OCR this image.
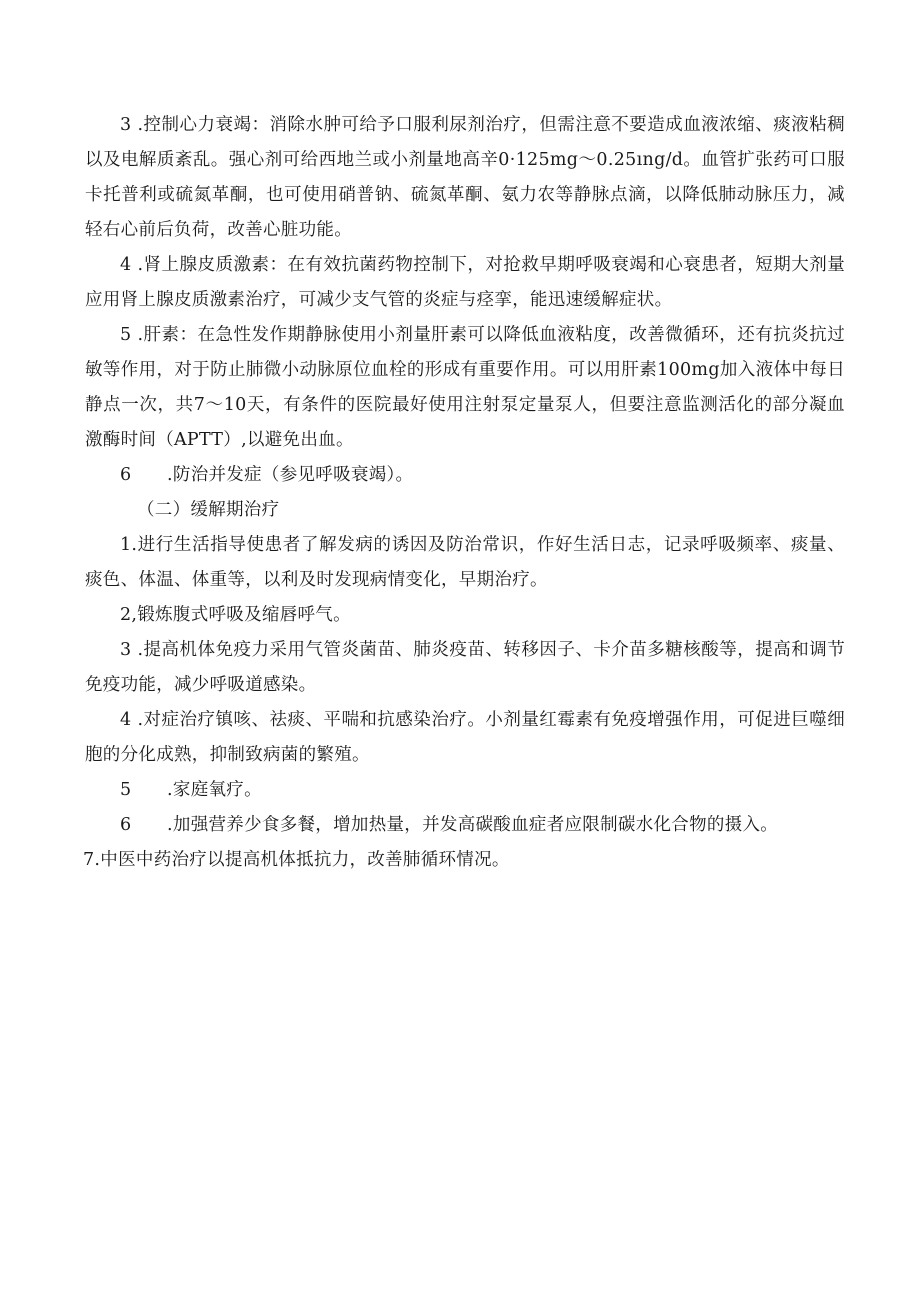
3 .控制心力衰竭：消除水肿可给予口服利尿剂治疗，但需注意不要造成血液浓缩、痰液粘稠以及电解质紊乱。强心剂可给西地兰或小剂量地高辛0·125mg～0.25ıng/d。血管扩张药可口服卡托普利或硫氮革酮，也可使用硝普钠、硫氮革酮、氨力农等静脉点滴，以降低肺动脉压力，减轻右心前后负荷，改善心脏功能。

4 .肾上腺皮质激素：在有效抗菌药物控制下，对抢救早期呼吸衰竭和心衰患者，短期大剂量应用肾上腺皮质激素治疗，可减少支气管的炎症与痉挛，能迅速缓解症状。

5 .肝素：在急性发作期静脉使用小剂量肝素可以降低血液粘度，改善微循环，还有抗炎抗过敏等作用，对于防止肺微小动脉原位血栓的形成有重要作用。可以用肝素100mg加入液体中每日静点一次，共7～10天，有条件的医院最好使用注射泵定量泵人，但要注意监测活化的部分凝血激酶时间（APTT）,以避免出血。

6  .防治并发症（参见呼吸衰竭）。

（二）缓解期治疗

1.进行生活指导使患者了解发病的诱因及防治常识，作好生活日志，记录呼吸频率、痰量、痰色、体温、体重等，以利及时发现病情变化，早期治疗。

2,锻炼腹式呼吸及缩唇呼气。

3 .提高机体免疫力采用气管炎菌苗、肺炎疫苗、转移因子、卡介苗多糖核酸等，提高和调节免疫功能，减少呼吸道感染。

4 .对症治疗镇咳、祛痰、平喘和抗感染治疗。小剂量红霉素有免疫增强作用，可促进巨噬细胞的分化成熟，抑制致病菌的繁殖。

5  .家庭氧疗。

6  .加强营养少食多餐，增加热量，并发高碳酸血症者应限制碳水化合物的摄入。

7.中医中药治疗以提高机体抵抗力，改善肺循环情况。
